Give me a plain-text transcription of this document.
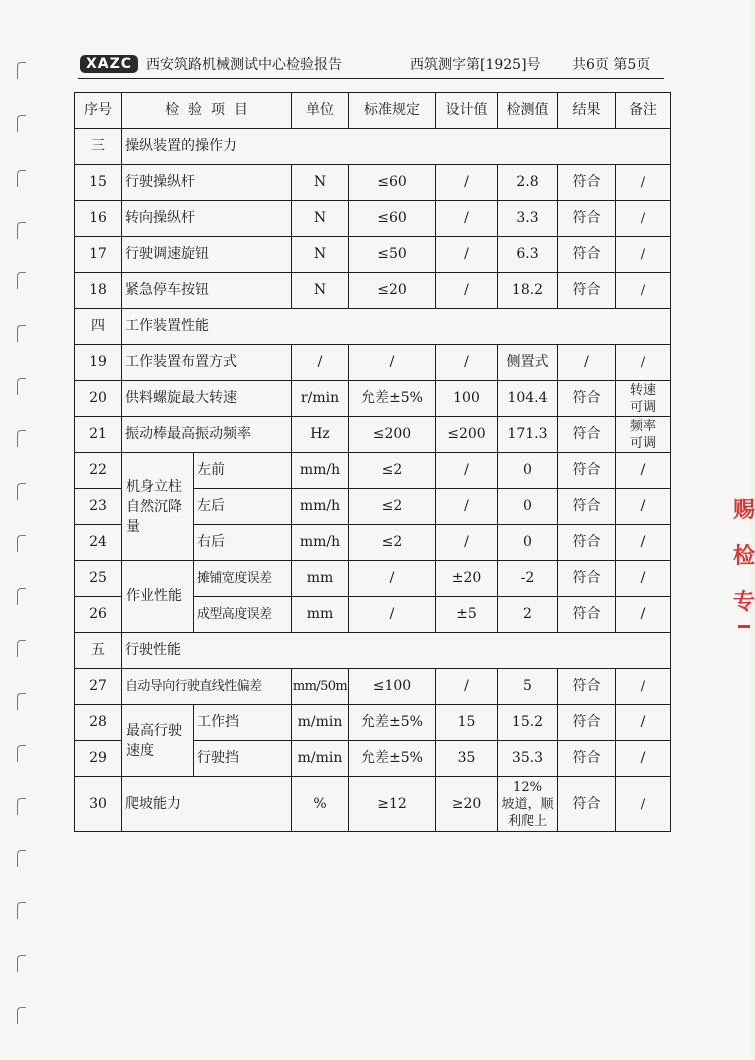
XAZC 西安筑路机械测试中心检验报告	西筑测字第[1925]号 共6页 第5页
序号	检  验  项  目		单位	标准规定	设计值	检测值	结果	备注
三	操纵装置的操作力							
15	行驶操纵杆		N	≤60	/	2.8	符合	/
16	转向操纵杆		N	≤60	/	3.3	符合	/
17	行驶调速旋钮		N	≤50	/	6.3	符合	/
18	紧急停车按钮		N	≤20	/	18.2	符合	/
四	工作装置性能							
19	工作装置布置方式		/	/	/	侧置式	/	/
20	供料螺旋最大转速		r/min	允差±5%	100	104.4	符合	转速
可调
21	振动棒最高振动频率		Hz	≤200	≤200	171.3	符合	频率
可调
22	机身立柱自然沉降量	左前	mm/h	≤2	/	0	符合	/
23		左后	mm/h	≤2	/	0	符合	/
24		右后	mm/h	≤2	/	0	符合	/
25	作业性能	摊铺宽度误差	mm	/	±20	-2	符合	/
26		成型高度误差	mm	/	±5	2	符合	/
五	行驶性能							
27	自动导向行驶直线性偏差		mm/50m	≤100	/	5	符合	/
28	最高行驶速度	工作挡	m/min	允差±5%	15	15.2	符合	/
29		行驶挡	m/min	允差±5%	35	35.3	符合	/
30	爬坡能力		%	≥12	≥20	12%
坡道，顺
利爬上	符合	/
赐 检 专
